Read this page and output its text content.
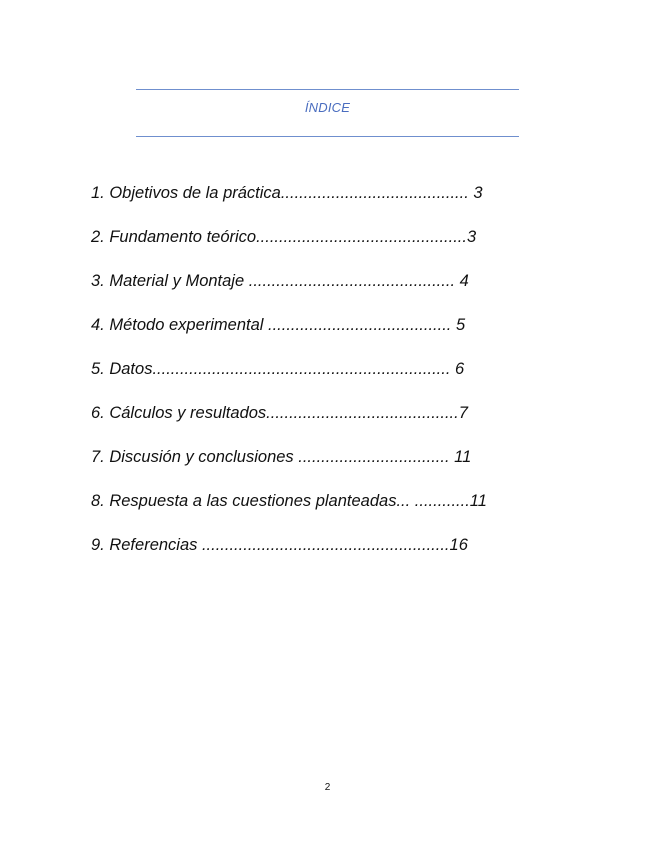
ÍNDICE
1. Objetivos de la práctica......................................... 3
2. Fundamento teórico..............................................3
3. Material y Montaje ............................................. 4
4. Método experimental ........................................ 5
5. Datos................................................................. 6
6. Cálculos y resultados..........................................7
7. Discusión y conclusiones ................................. 11
8. Respuesta a las cuestiones planteadas... ............11
9. Referencias ......................................................16
2
